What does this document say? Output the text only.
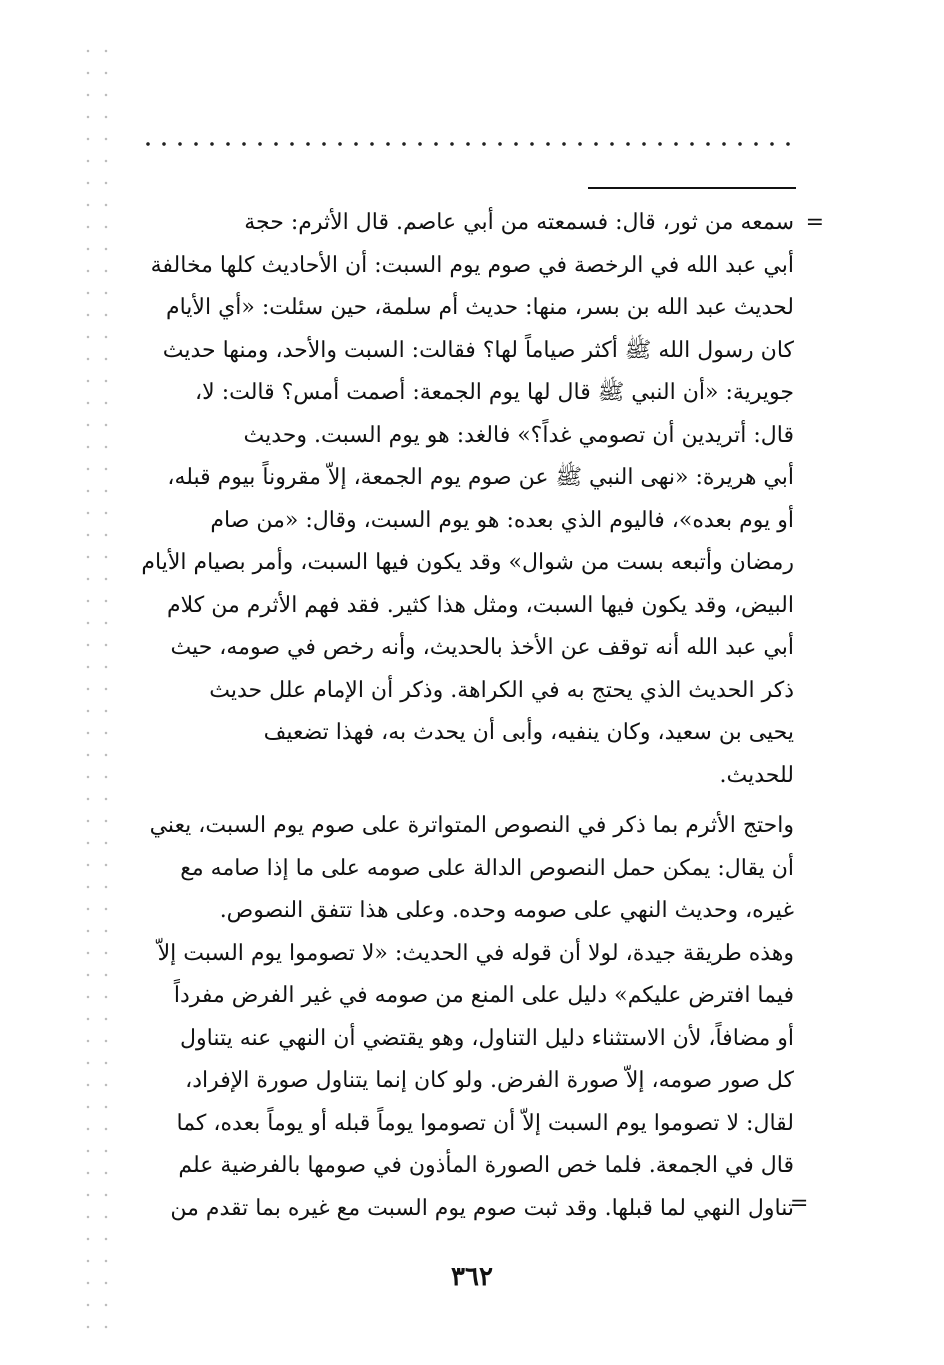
=

سمعه من ثور، قال: فسمعته من أبي عاصم. قال الأثرم: حجة

أبي عبد الله في الرخصة في صوم يوم السبت: أن الأحاديث كلها مخالفة

لحديث عبد الله بن بسر، منها: حديث أم سلمة، حين سئلت: «أي الأيام

كان رسول الله ﷺ أكثر صياماً لها؟ فقالت: السبت والأحد، ومنها حديث

جويرية: «أن النبي ﷺ قال لها يوم الجمعة: أصمت أمس؟ قالت: لا،

قال: أتريدين أن تصومي غداً؟» فالغد: هو يوم السبت. وحديث

أبي هريرة: «نهى النبي ﷺ عن صوم يوم الجمعة، إلاّ مقروناً بيوم قبله،

أو يوم بعده»، فاليوم الذي بعده: هو يوم السبت، وقال: «من صام

رمضان وأتبعه بست من شوال» وقد يكون فيها السبت، وأمر بصيام الأيام

البيض، وقد يكون فيها السبت، ومثل هذا كثير. فقد فهم الأثرم من كلام

أبي عبد الله أنه توقف عن الأخذ بالحديث، وأنه رخص في صومه، حيث

ذكر الحديث الذي يحتج به في الكراهة. وذكر أن الإمام علل حديث

يحيى بن سعيد، وكان ينفيه، وأبى أن يحدث به، فهذا تضعيف

للحديث.

واحتج الأثرم بما ذكر في النصوص المتواترة على صوم يوم السبت، يعني

أن يقال: يمكن حمل النصوص الدالة على صومه على ما إذا صامه مع

غيره، وحديث النهي على صومه وحده. وعلى هذا تتفق النصوص.

وهذه طريقة جيدة، لولا أن قوله في الحديث: «لا تصوموا يوم السبت إلاّ

فيما افترض عليكم» دليل على المنع من صومه في غير الفرض مفرداً

أو مضافاً، لأن الاستثناء دليل التناول، وهو يقتضي أن النهي عنه يتناول

كل صور صومه، إلاّ صورة الفرض. ولو كان إنما يتناول صورة الإفراد،

لقال: لا تصوموا يوم السبت إلاّ أن تصوموا يوماً قبله أو يوماً بعده، كما

قال في الجمعة. فلما خص الصورة المأذون في صومها بالفرضية علم

تناول النهي لما قبلها. وقد ثبت صوم يوم السبت مع غيره بما تقدم من

=
٣٦٢
